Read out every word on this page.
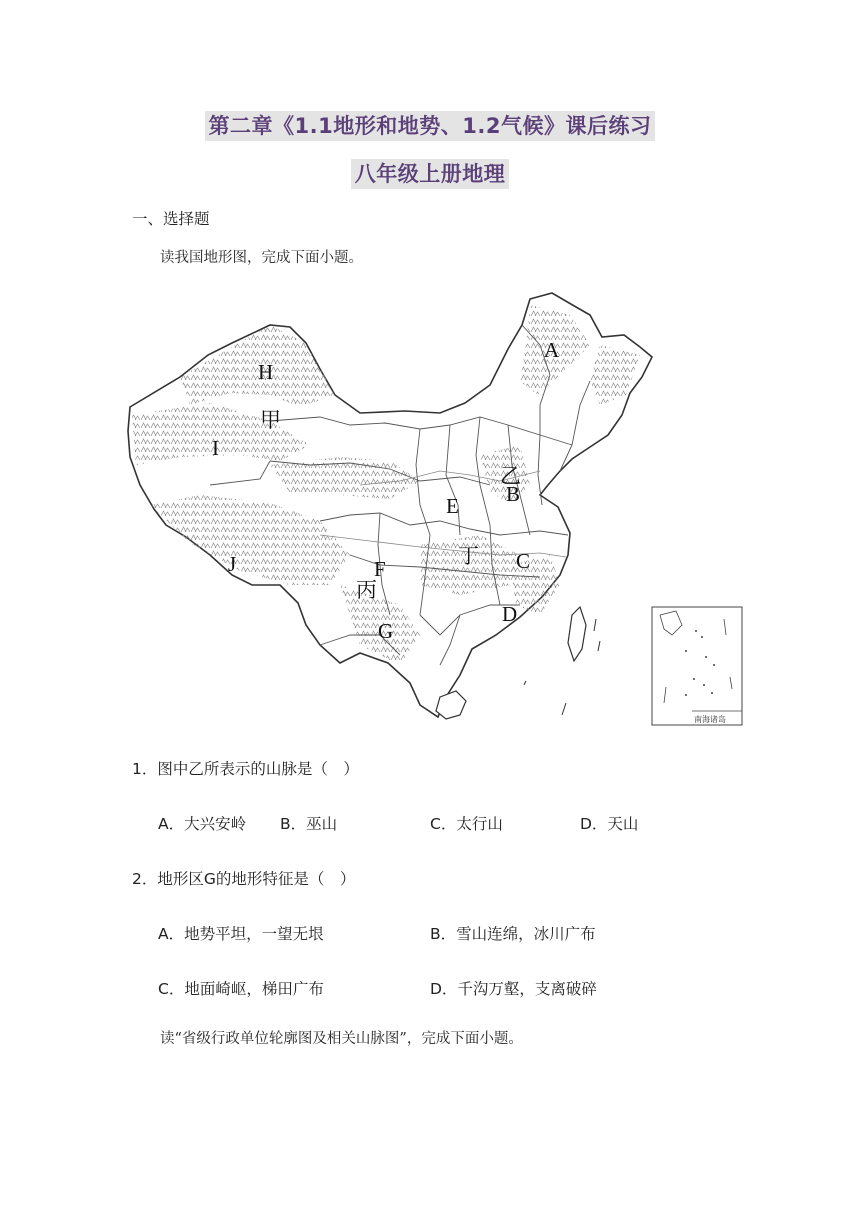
第二章《1.1地形和地势、1.2气候》课后练习
八年级上册地理
一、选择题
读我国地形图，完成下面小题。
南海诸岛
A
B
C
D
E
F
G
H
I
J
甲
乙
丙
丁
1．图中乙所表示的山脉是（　）
A．大兴安岭 B．巫山	C．太行山	D．天山
2．地形区G的地形特征是（　）
A．地势平坦，一望无垠	B．雪山连绵，冰川广布
C．地面崎岖，梯田广布	D．千沟万壑，支离破碎
读“省级行政单位轮廓图及相关山脉图”，完成下面小题。
